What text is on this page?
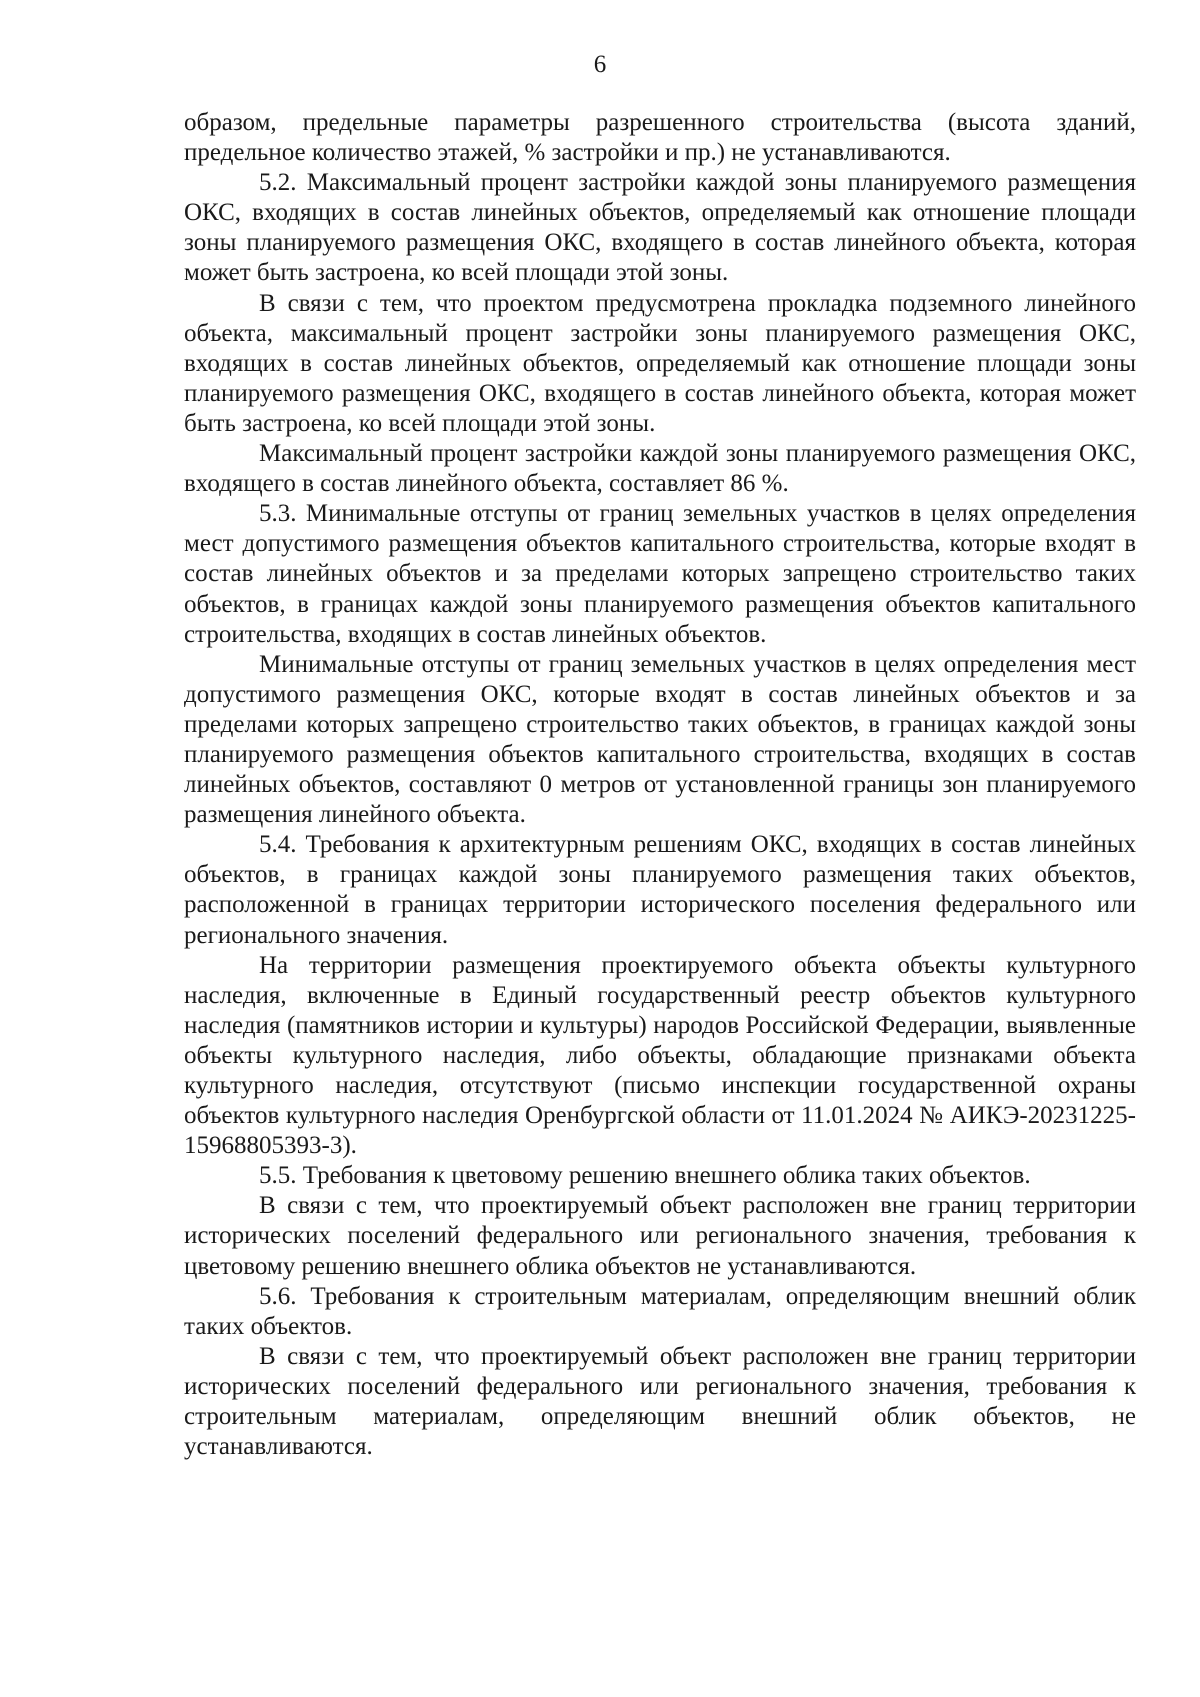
6

образом, предельные параметры разрешенного строительства (высота зданий, предельное количество этажей, % застройки и пр.) не устанавливаются.

5.2. Максимальный процент застройки каждой зоны планируемого размещения ОКС, входящих в состав линейных объектов, определяемый как отношение площади зоны планируемого размещения ОКС, входящего в состав линейного объекта, которая может быть застроена, ко всей площади этой зоны.

В связи с тем, что проектом предусмотрена прокладка подземного линейного объекта, максимальный процент застройки зоны планируемого размещения ОКС, входящих в состав линейных объектов, определяемый как отношение площади зоны планируемого размещения ОКС, входящего в состав линейного объекта, которая может быть застроена, ко всей площади этой зоны.

Максимальный процент застройки каждой зоны планируемого размещения ОКС, входящего в состав линейного объекта, составляет 86 %.

5.3. Минимальные отступы от границ земельных участков в целях определения мест допустимого размещения объектов капитального строительства, которые входят в состав линейных объектов и за пределами которых запрещено строительство таких объектов, в границах каждой зоны планируемого размещения объектов капитального строительства, входящих в состав линейных объектов.

Минимальные отступы от границ земельных участков в целях определения мест допустимого размещения ОКС, которые входят в состав линейных объектов и за пределами которых запрещено строительство таких объектов, в границах каждой зоны планируемого размещения объектов капитального строительства, входящих в состав линейных объектов, составляют 0 метров от установленной границы зон планируемого размещения линейного объекта.

5.4. Требования к архитектурным решениям ОКС, входящих в состав линейных объектов, в границах каждой зоны планируемого размещения таких объектов, расположенной в границах территории исторического поселения федерального или регионального значения.

На территории размещения проектируемого объекта объекты культурного наследия, включенные в Единый государственный реестр объектов культурного наследия (памятников истории и культуры) народов Российской Федерации, выявленные объекты культурного наследия, либо объекты, обладающие признаками объекта культурного наследия, отсутствуют (письмо инспекции государственной охраны объектов культурного наследия Оренбургской области от 11.01.2024 № АИКЭ-20231225-15968805393-3).

5.5. Требования к цветовому решению внешнего облика таких объектов.

В связи с тем, что проектируемый объект расположен вне границ территории исторических поселений федерального или регионального значения, требования к цветовому решению внешнего облика объектов не устанавливаются.

5.6. Требования к строительным материалам, определяющим внешний облик таких объектов.

В связи с тем, что проектируемый объект расположен вне границ территории исторических поселений федерального или регионального значения, требования к строительным материалам, определяющим внешний облик объектов, не устанавливаются.
